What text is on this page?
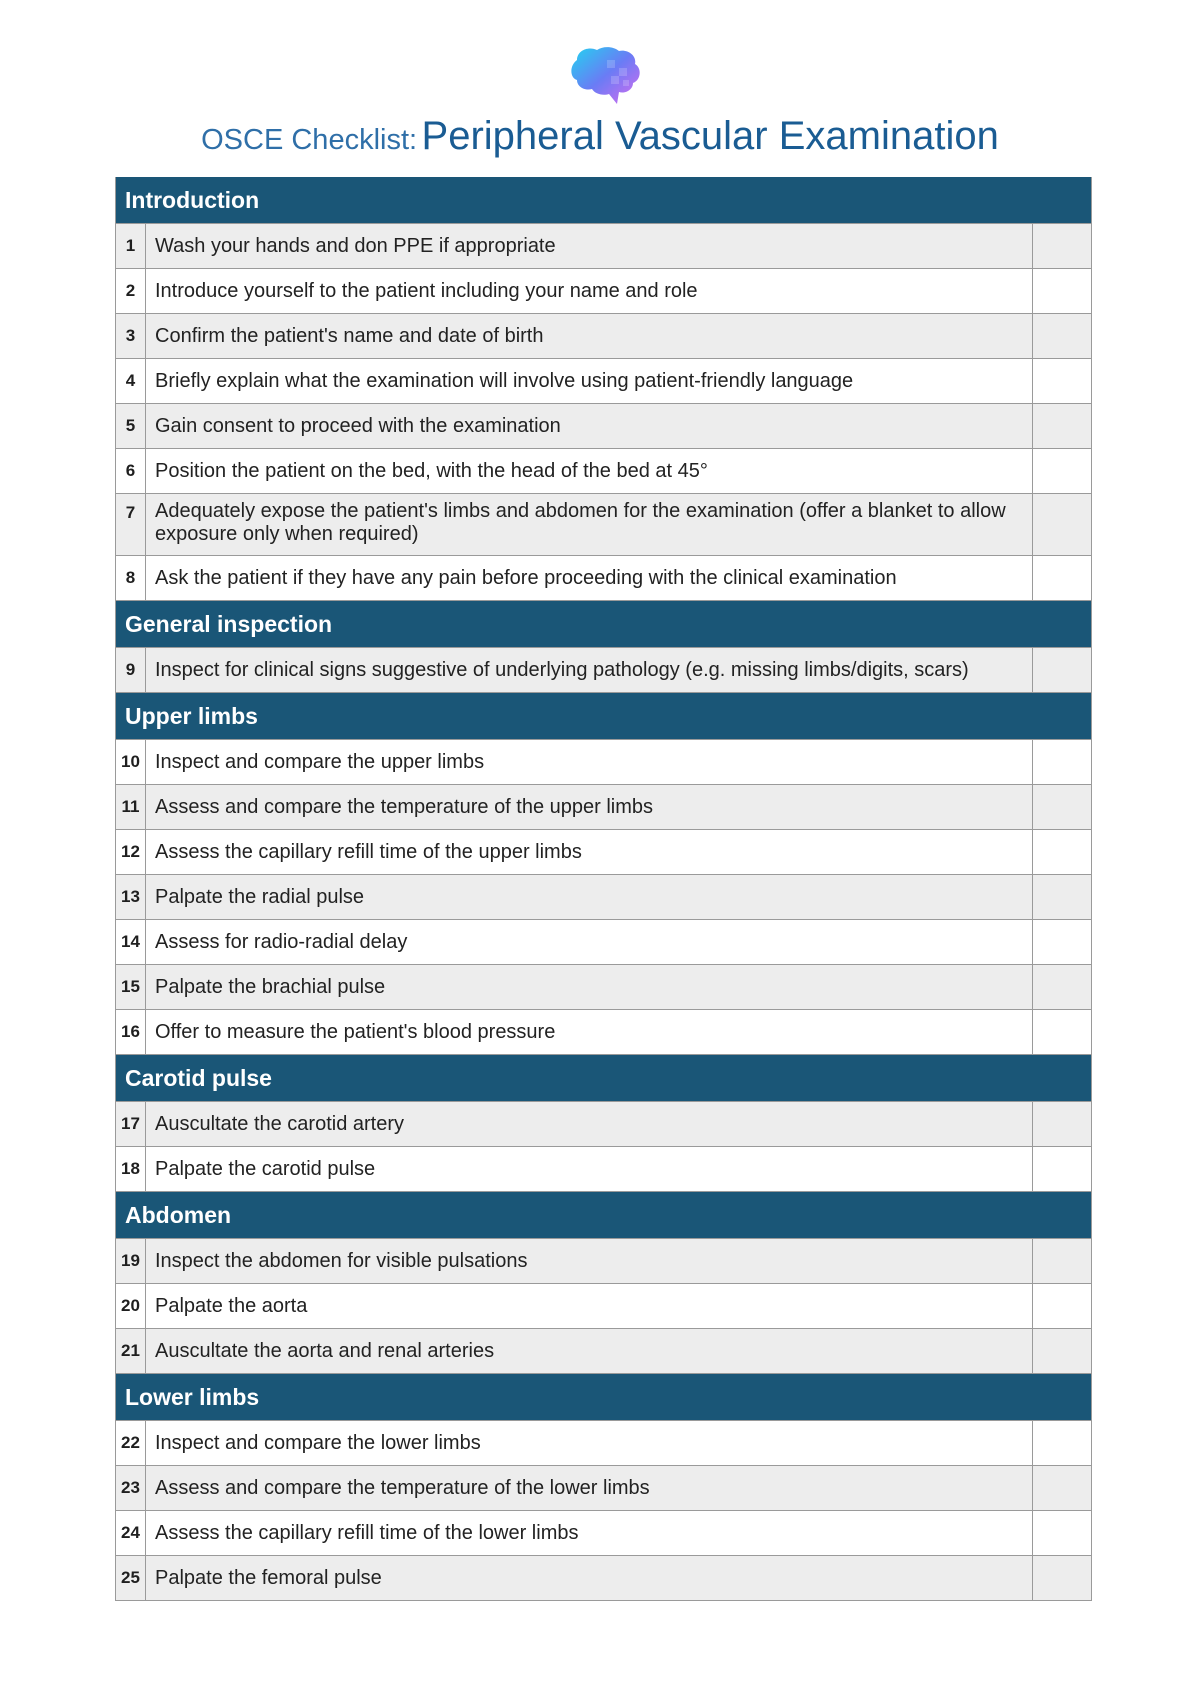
OSCE Checklist: Peripheral Vascular Examination
Introduction
1 Wash your hands and don PPE if appropriate
2 Introduce yourself to the patient including your name and role
3 Confirm the patient's name and date of birth
4 Briefly explain what the examination will involve using patient-friendly language
5 Gain consent to proceed with the examination
6 Position the patient on the bed, with the head of the bed at 45°
7 Adequately expose the patient's limbs and abdomen for the examination (offer a blanket to allow exposure only when required)
8 Ask the patient if they have any pain before proceeding with the clinical examination
General inspection
9 Inspect for clinical signs suggestive of underlying pathology (e.g. missing limbs/digits, scars)
Upper limbs
10 Inspect and compare the upper limbs
11 Assess and compare the temperature of the upper limbs
12 Assess the capillary refill time of the upper limbs
13 Palpate the radial pulse
14 Assess for radio-radial delay
15 Palpate the brachial pulse
16 Offer to measure the patient's blood pressure
Carotid pulse
17 Auscultate the carotid artery
18 Palpate the carotid pulse
Abdomen
19 Inspect the abdomen for visible pulsations
20 Palpate the aorta
21 Auscultate the aorta and renal arteries
Lower limbs
22 Inspect and compare the lower limbs
23 Assess and compare the temperature of the lower limbs
24 Assess the capillary refill time of the lower limbs
25 Palpate the femoral pulse
